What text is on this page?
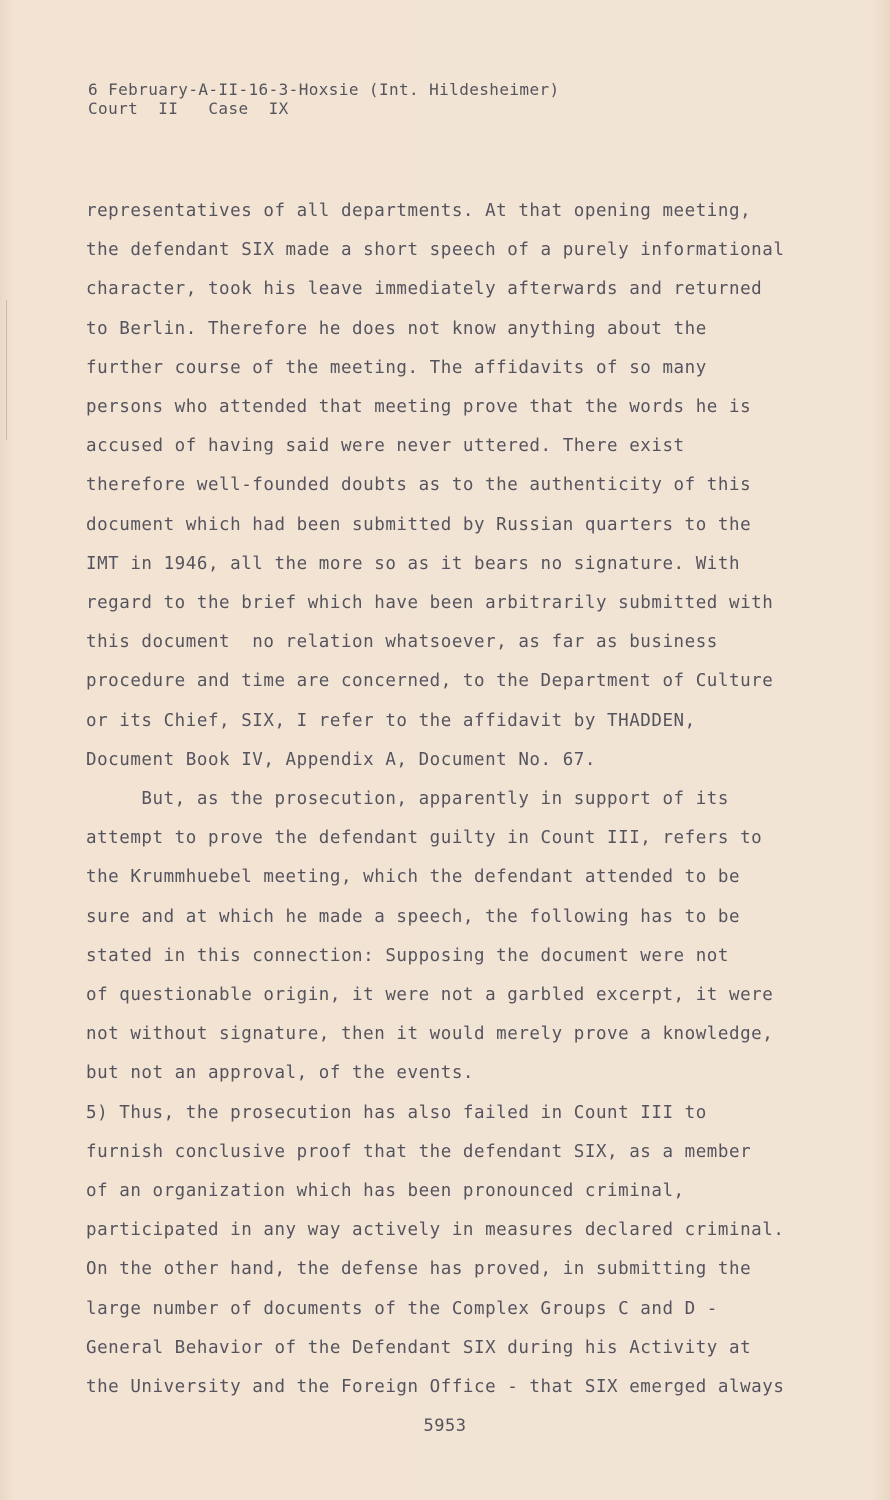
6 February-A-II-16-3-Hoxsie (Int. Hildesheimer)
Court  II   Case  IX
representatives of all departments. At that opening meeting,
the defendant SIX made a short speech of a purely informational
character, took his leave immediately afterwards and returned
to Berlin. Therefore he does not know anything about the
further course of the meeting. The affidavits of so many
persons who attended that meeting prove that the words he is
accused of having said were never uttered. There exist
therefore well-founded doubts as to the authenticity of this
document which had been submitted by Russian quarters to the
IMT in 1946, all the more so as it bears no signature. With
regard to the brief which have been arbitrarily submitted with
this document  no relation whatsoever, as far as business
procedure and time are concerned, to the Department of Culture
or its Chief, SIX, I refer to the affidavit by THADDEN,
Document Book IV, Appendix A, Document No. 67.
But, as the prosecution, apparently in support of its
attempt to prove the defendant guilty in Count III, refers to
the Krummhuebel meeting, which the defendant attended to be
sure and at which he made a speech, the following has to be
stated in this connection: Supposing the document were not
of questionable origin, it were not a garbled excerpt, it were
not without signature, then it would merely prove a knowledge,
but not an approval, of the events.
5) Thus, the prosecution has also failed in Count III to
furnish conclusive proof that the defendant SIX, as a member
of an organization which has been pronounced criminal,
participated in any way actively in measures declared criminal.
On the other hand, the defense has proved, in submitting the
large number of documents of the Complex Groups C and D -
General Behavior of the Defendant SIX during his Activity at
the University and the Foreign Office - that SIX emerged always
5953
